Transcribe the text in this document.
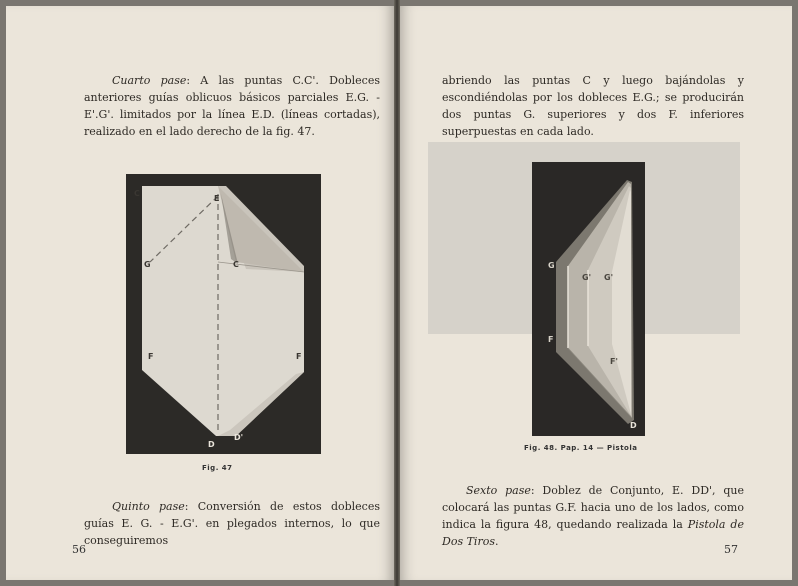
Cuarto pase: A las puntas C.C'. Dobleces anteriores guías oblicuos básicos parciales E.G. - E'.G'. limitados por la línea E.D. (líneas cortadas), realizado en el lado derecho de la fig. 47.

C
E
C
G
F	F
D
D'
Fig. 47

Quinto pase: Conversión de estos dobleces guías E. G. - E.G'. en plegados internos, lo que conseguiremos

56

abriendo las puntas C y luego bajándolas y escondiéndolas por los dobleces E.G.; se producirán dos puntas G. superiores y dos F. inferiores superpuestas en cada lado.

G
G' G'
F
F'
D
Fig. 48. Pap. 14 — Pistola

Sexto pase: Doblez de Conjunto, E. DD', que colocará las puntas G.F. hacia uno de los lados, como indica la figura 48, quedando realizada la Pistola de Dos Tiros.

57
